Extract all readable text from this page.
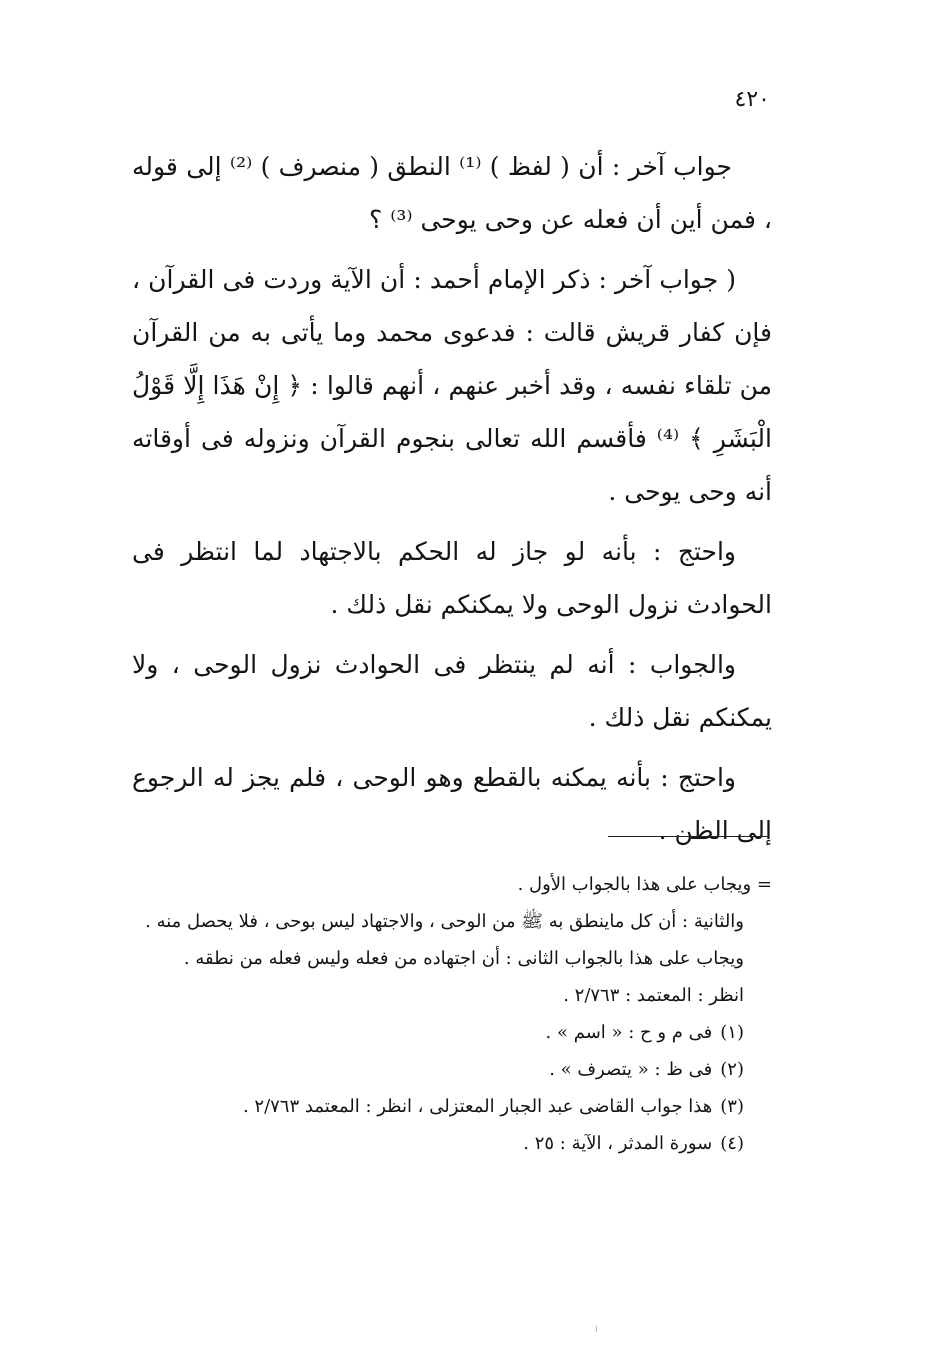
٤٢٠

جواب آخر : أن ( لفظ ) ⁽¹⁾ النطق ( منصرف ) ⁽²⁾ إلى قوله ، فمن أين أن فعله عن وحى يوحى ⁽³⁾ ؟

( جواب آخر : ذكر الإمام أحمد : أن الآية وردت فى القرآن ، فإن كفار قريش قالت : فدعوى محمد وما يأتى به من القرآن من تلقاء نفسه ، وقد أخبر عنهم ، أنهم قالوا : ﴿ إِنْ هَذَا إِلَّا قَوْلُ الْبَشَرِ ﴾ ⁽⁴⁾ فأقسم الله تعالى بنجوم القرآن ونزوله فى أوقاته أنه وحى يوحى .

واحتج : بأنه لو جاز له الحكم بالاجتهاد لما انتظر فى الحوادث نزول الوحى ولا يمكنكم نقل ذلك .

والجواب : أنه لم ينتظر فى الحوادث نزول الوحى ، ولا يمكنكم نقل ذلك .

واحتج : بأنه يمكنه بالقطع وهو الوحى ، فلم يجز له الرجوع إلى الظن .

= ويجاب على هذا بالجواب الأول .

والثانية : أن كل ماينطق به ﷺ من الوحى ، والاجتهاد ليس بوحى ، فلا يحصل منه .

ويجاب على هذا بالجواب الثانى : أن اجتهاده من فعله وليس فعله من نطقه .

انظر : المعتمد : ٢/٧٦٣ .

(١)فى م و ح : « اسم » .

(٢)فى ظ : « يتصرف » .

(٣)هذا جواب القاضى عبد الجبار المعتزلى ، انظر : المعتمد ٢/٧٦٣ .

(٤)سورة المدثر ، الآية : ٢٥ .
